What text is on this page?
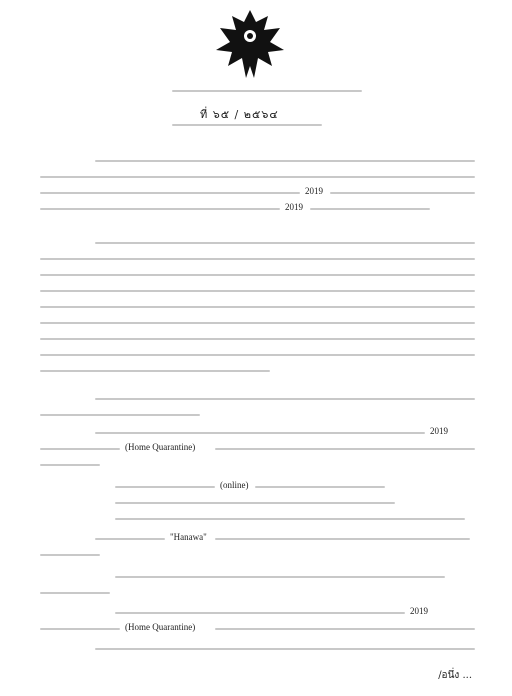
ที่ ๖๕ / ๒๕๖๔
2019
2019
2019
(Home Quarantine)
(online)
"Hanawa"
2019
(Home Quarantine)
/อนึ่ง ...
